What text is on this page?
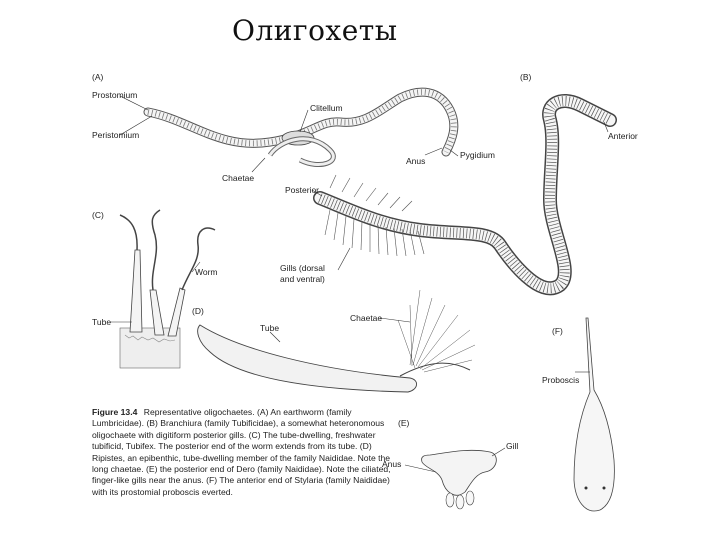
Олигохеты
(A)	(B)
(C)
(D)
(E)
(F)
Prostomium
Peristomium
Clitellum
Anus
Pygidium
Chaetae
Posterior
Anterior
Gills (dorsal
and ventral)
Worm
Tube
Tube
Chaetae
Proboscis
Anus
Gill
Figure 13.4 Representative oligochaetes. (A) An earthworm (family Lumbricidae). (B) Branchiura (family Tubificidae), a somewhat heteronomous oligochaete with digitiform posterior gills. (C) The tube-dwelling, freshwater tubificid, Tubifex. The posterior end of the worm extends from its tube. (D) Ripistes, an epibenthic, tube-dwelling member of the family Naididae. Note the long chaetae. (E) the posterior end of Dero (family Naididae). Note the ciliated, finger-like gills near the anus. (F) The anterior end of Stylaria (family Naididae) with its prostomial proboscis everted.
